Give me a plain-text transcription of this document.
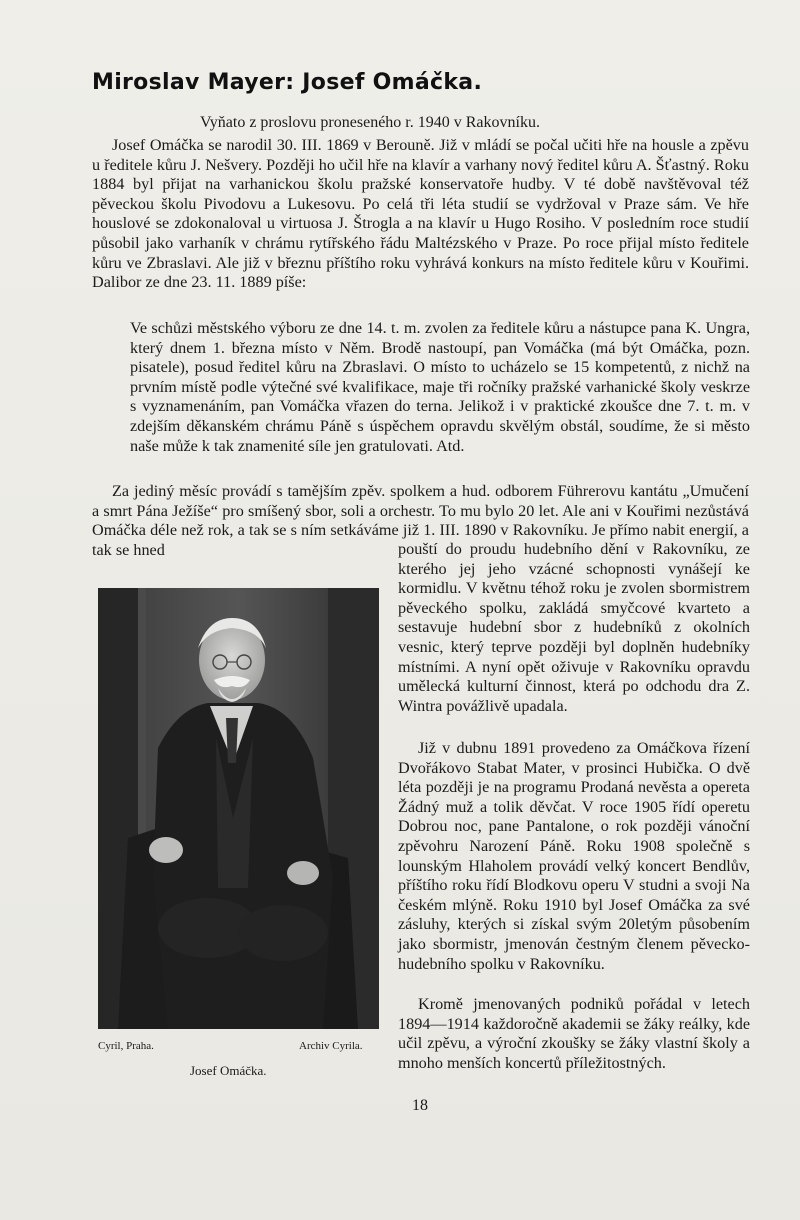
Miroslav Mayer: Josef Omáčka.
Vyňato z proslovu proneseného r. 1940 v Rakovníku.

Josef Omáčka se narodil 30. III. 1869 v Berouně. Již v mládí se počal učiti hře na housle a zpěvu u ředitele kůru J. Nešvery. Později ho učil hře na klavír a varhany nový ředitel kůru A. Šťastný. Roku 1884 byl přijat na varhanickou školu pražské konservatoře hudby. V té době navštěvoval též pěveckou školu Pivodovu a Lukesovu. Po celá tři léta studií se vydržoval v Praze sám. Ve hře houslové se zdokonaloval u virtuosa J. Štrogla a na klavír u Hugo Rosiho. V posledním roce studií působil jako varhaník v chrámu rytířského řádu Maltézského v Praze. Po roce přijal místo ředitele kůru ve Zbraslavi. Ale již v březnu příštího roku vyhrává konkurs na místo ředitele kůru v Kouřimi. Dalibor ze dne 23. 11. 1889 píše:

Ve schůzi městského výboru ze dne 14. t. m. zvolen za ředitele kůru a nástupce pana K. Ungra, který dnem 1. března místo v Něm. Brodě nastoupí, pan Vomáčka (má být Omáčka, pozn. pisatele), posud ředitel kůru na Zbraslavi. O místo to ucházelo se 15 kompetentů, z nichž na prvním místě podle výtečné své kvalifikace, maje tři ročníky pražské varhanické školy veskrze s vyznamenáním, pan Vomáčka vřazen do terna. Jelikož i v praktické zkoušce dne 7. t. m. v zdejším děkanském chrámu Páně s úspěchem opravdu skvělým obstál, soudíme, že si město naše může k tak znamenité síle jen gratulovati. Atd.

Za jediný měsíc provádí s tamějším zpěv. spolkem a hud. odborem Führerovu kantátu „Umučení a smrt Pána Ježíše“ pro smíšený sbor, soli a orchestr. To mu bylo 20 let. Ale ani v Kouřimi nezůstává Omáčka déle než rok, a tak se s ním setkáváme již 1. III. 1890 v Rakovníku. Je přímo nabit energií, a tak se hned

Cyril, Praha.	Archiv Cyrila.
Josef Omáčka.

pouští do proudu hudebního dění v Rakovníku, ze kterého jej jeho vzácné schopnosti vynášejí ke kormidlu. V květnu téhož roku je zvolen sbormistrem pěveckého spolku, zakládá smyčcové kvarteto a sestavuje hudební sbor z hudebníků z okolních vesnic, který teprve později byl doplněn hudebníky místními. A nyní opět oživuje v Rakovníku opravdu umělecká kulturní činnost, která po odchodu dra Z. Wintra povážlivě upadala.

Již v dubnu 1891 provedeno za Omáčkova řízení Dvořákovo Stabat Mater, v prosinci Hubička. O dvě léta později je na programu Prodaná nevěsta a opereta Žádný muž a tolik děvčat. V roce 1905 řídí operetu Dobrou noc, pane Pantalone, o rok později vánoční zpěvohru Narození Páně. Roku 1908 společně s lounským Hlaholem provádí velký koncert Bendlův, příštího roku řídí Blodkovu operu V studni a svoji Na českém mlýně. Roku 1910 byl Josef Omáčka za své zásluhy, kterých si získal svým 20letým působením jako sbormistr, jmenován čestným členem pěvecko-hudebního spolku v Rakovníku.

Kromě jmenovaných podniků pořádal v letech 1894—1914 každoročně akademii se žáky reálky, kde učil zpěvu, a výroční zkoušky se žáky vlastní školy a mnoho menších koncertů příležitostných.

18
